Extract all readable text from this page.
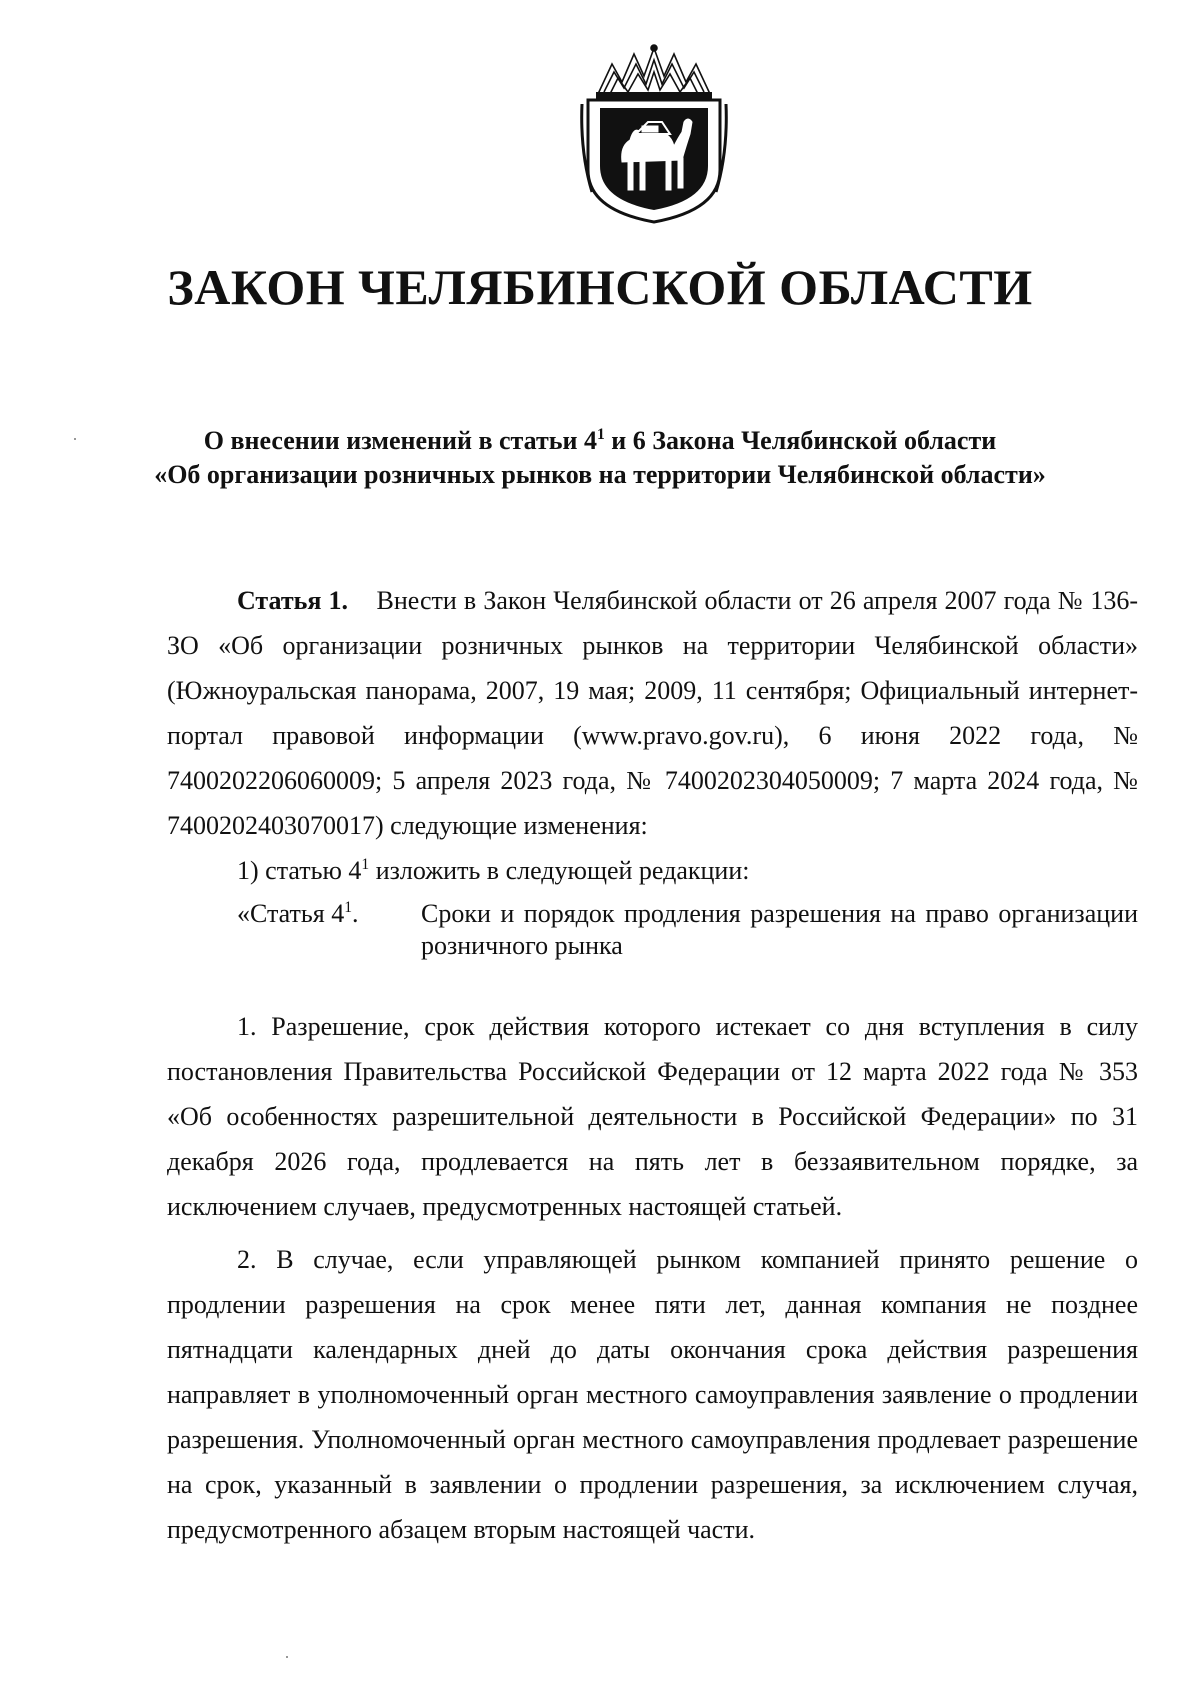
ЗАКОН ЧЕЛЯБИНСКОЙ ОБЛАСТИ
О внесении изменений в статьи $4^1$ и 6 Закона Челябинской области
«Об организации розничных рынков на территории Челябинской области»

Статья 1. Внести в Закон Челябинской области от 26 апреля 2007 года № 136-ЗО «Об организации розничных рынков на территории Челябинской области» (Южноуральская панорама, 2007, 19 мая; 2009, 11 сентября; Официальный интернет-портал правовой информации (www.pravo.gov.ru), 6 июня 2022 года, № 7400202206060009; 5 апреля 2023 года, № 7400202304050009; 7 марта 2024 года, № 7400202403070017) следующие изменения:

1) статью $4^1$ изложить в следующей редакции:

«Статья $4^1$. Сроки и порядок продления разрешения на право организации розничного рынка

1. Разрешение, срок действия которого истекает со дня вступления в силу постановления Правительства Российской Федерации от 12 марта 2022 года № 353 «Об особенностях разрешительной деятельности в Российской Федерации» по 31 декабря 2026 года, продлевается на пять лет в беззаявительном порядке, за исключением случаев, предусмотренных настоящей статьей.

2. В случае, если управляющей рынком компанией принято решение о продлении разрешения на срок менее пяти лет, данная компания не позднее пятнадцати календарных дней до даты окончания срока действия разрешения направляет в уполномоченный орган местного самоуправления заявление о продлении разрешения. Уполномоченный орган местного самоуправления продлевает разрешение на срок, указанный в заявлении о продлении разрешения, за исключением случая, предусмотренного абзацем вторым настоящей части.
